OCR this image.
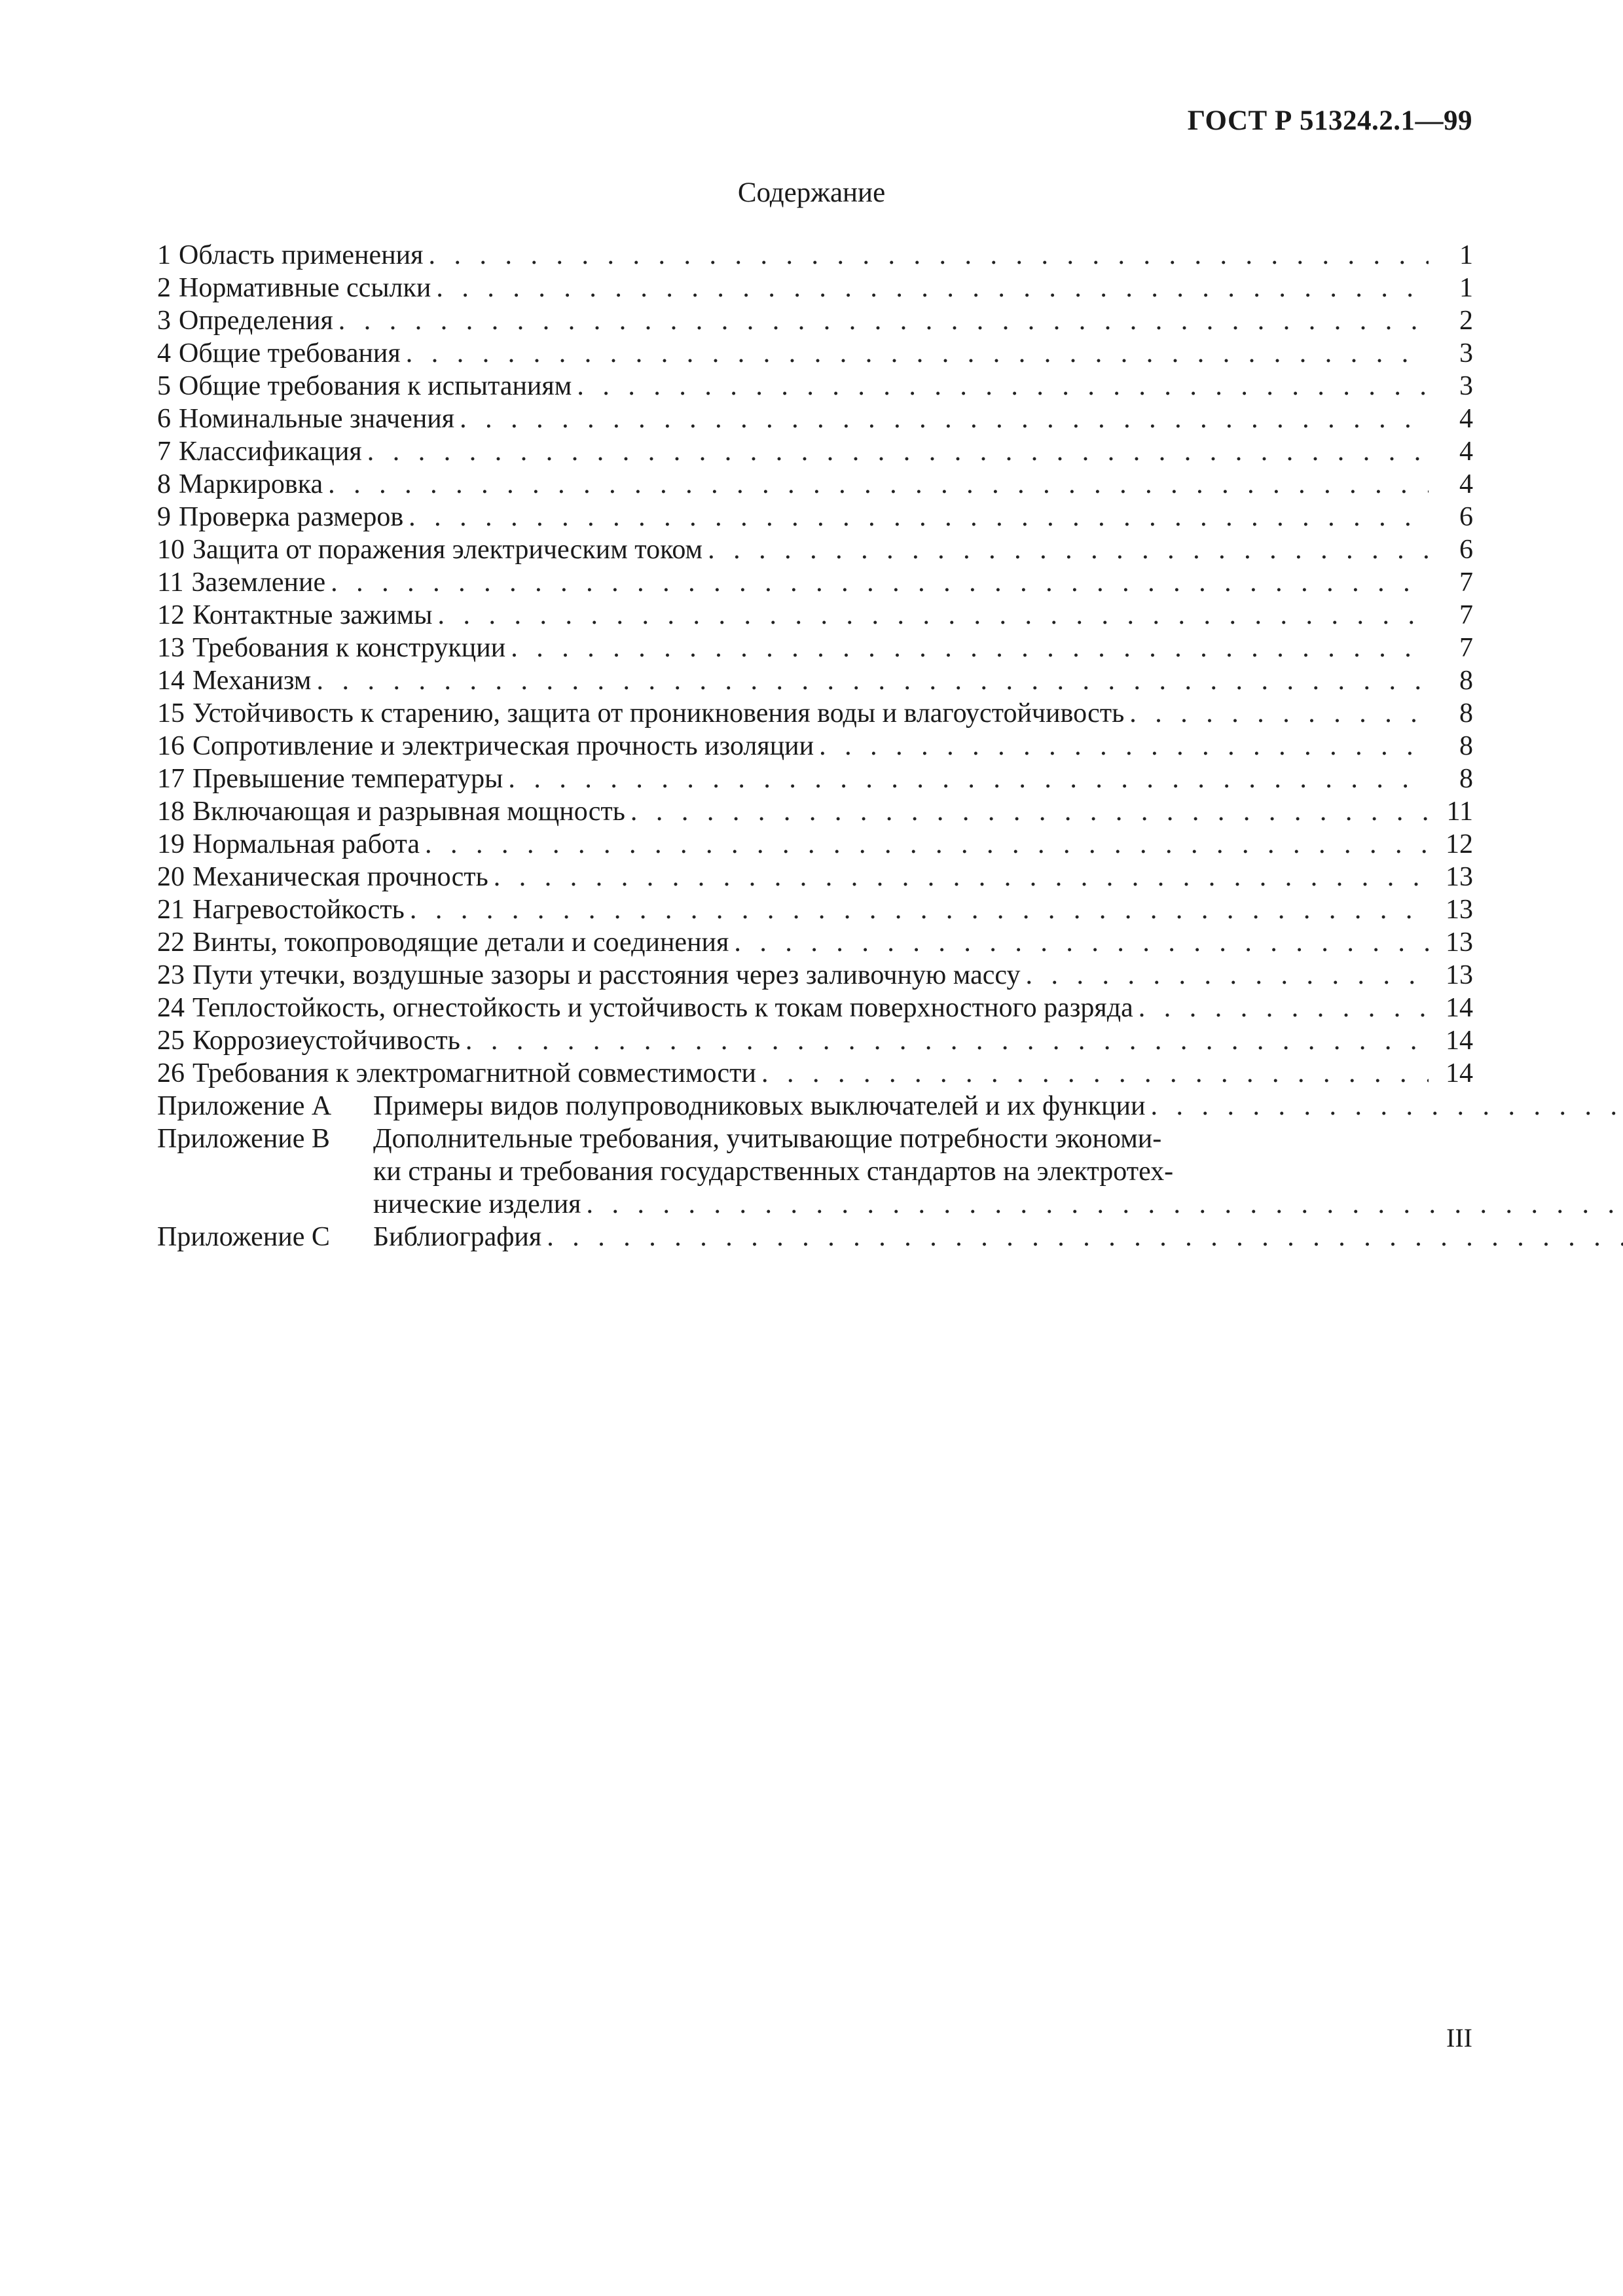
ГОСТ Р 51324.2.1—99
Содержание
1 Область применения . . .	1
2 Нормативные ссылки . . .	1
3 Определения . . .	2
4 Общие требования . . .	3
5 Общие требования к испытаниям . . .	3
6 Номинальные значения . . .	4
7 Классификация . . .	4
8 Маркировка . . .	4
9 Проверка размеров . . .	6
10 Защита от поражения электрическим током . . .	6
11 Заземление . . .	7
12 Контактные зажимы . . .	7
13 Требования к конструкции . . .	7
14 Механизм . . .	8
15 Устойчивость к старению, защита от проникновения воды и влагоустойчивость . . .	8
16 Сопротивление и электрическая прочность изоляции . . .	8
17 Превышение температуры . . .	8
18 Включающая и разрывная мощность . . .	11
19 Нормальная работа . . .	12
20 Механическая прочность . . .	13
21 Нагревостойкость . . .	13
22 Винты, токопроводящие детали и соединения . . .	13
23 Пути утечки, воздушные зазоры и расстояния через заливочную массу . . .	13
24 Теплостойкость, огнестойкость и устойчивость к токам поверхностного разряда . . .	14
25 Коррозиеустойчивость . . .	14
26 Требования к электромагнитной совместимости . . .	14
Приложение А	Примеры видов полупроводниковых выключателей и их функции
. . .
Приложение В	Дополнительные требования, учитывающие потребности экономи-
ки страны и требования государственных стандартов на электротех-
нические изделия
. . .
Приложение С	Библиография
. . .
III
